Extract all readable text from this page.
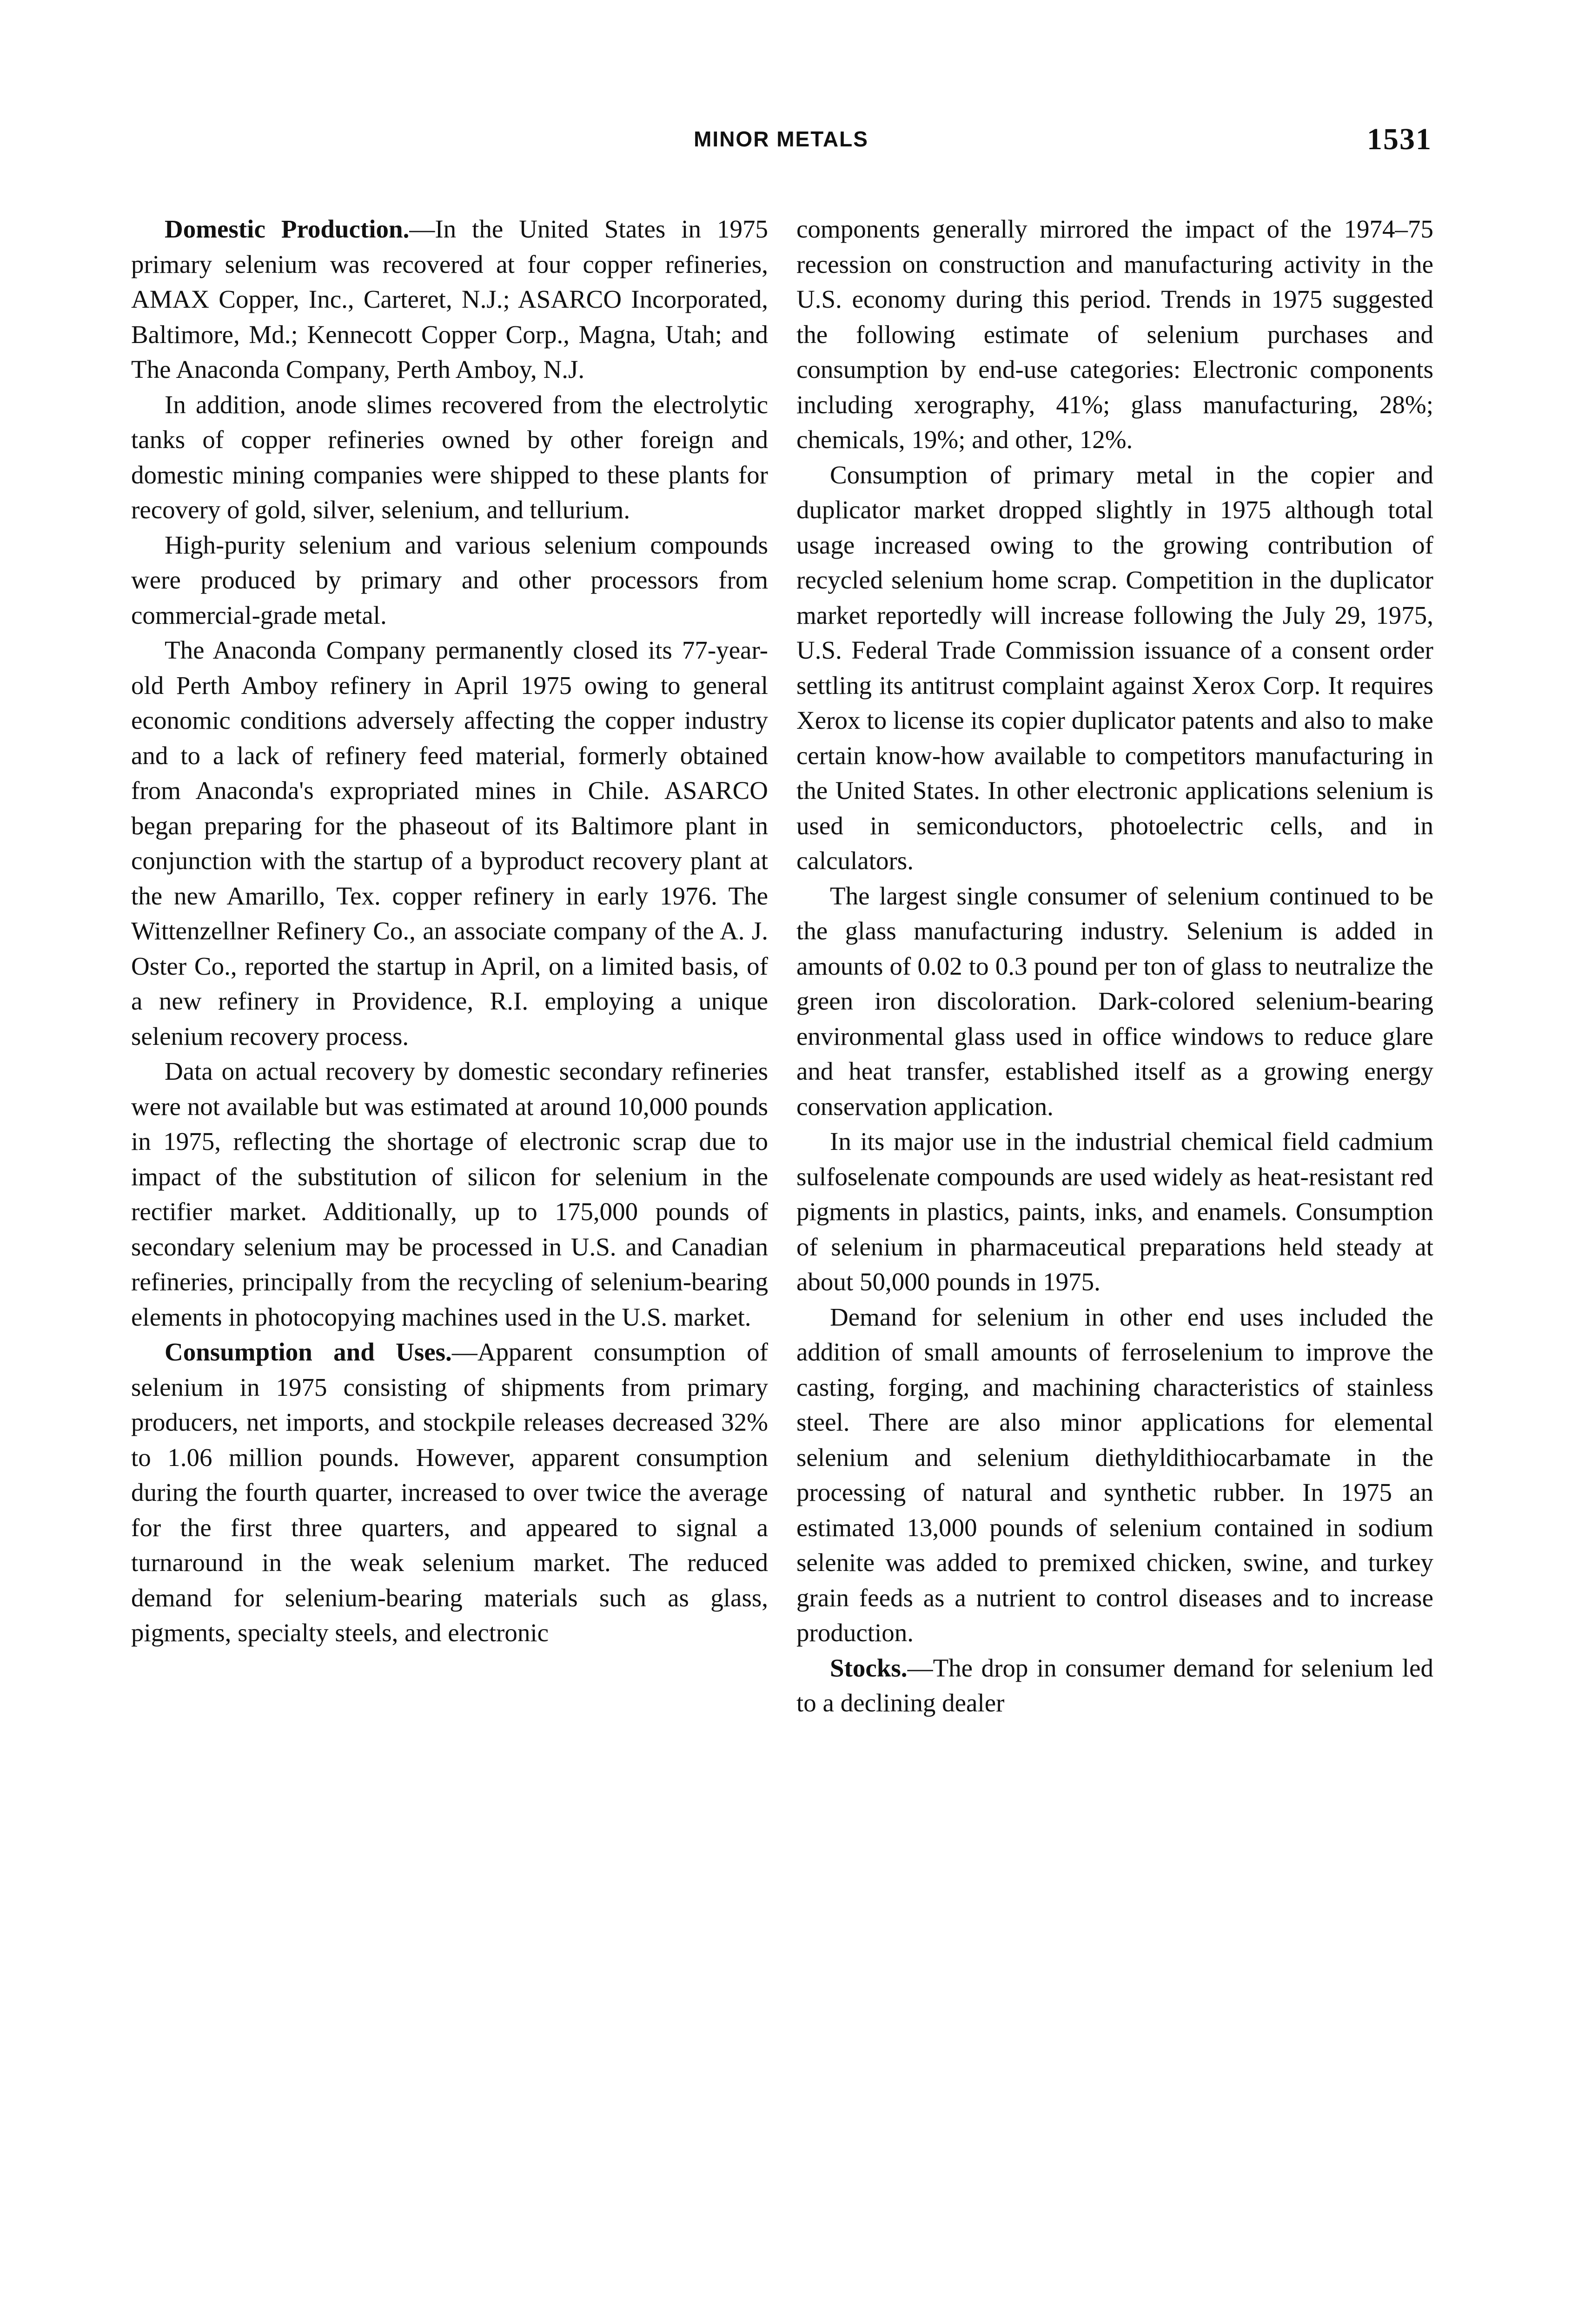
MINOR METALS	1531

Domestic Production.—In the United States in 1975 primary selenium was recovered at four copper refineries, AMAX Copper, Inc., Carteret, N.J.; ASARCO Incorporated, Baltimore, Md.; Kennecott Copper Corp., Magna, Utah; and The Anaconda Company, Perth Amboy, N.J.

In addition, anode slimes recovered from the electrolytic tanks of copper refineries owned by other foreign and domestic mining companies were shipped to these plants for recovery of gold, silver, selenium, and tellurium.

High-purity selenium and various selenium compounds were produced by primary and other processors from commercial-grade metal.

The Anaconda Company permanently closed its 77-year-old Perth Amboy refinery in April 1975 owing to general economic conditions adversely affecting the copper industry and to a lack of refinery feed material, formerly obtained from Anaconda's expropriated mines in Chile. ASARCO began preparing for the phaseout of its Baltimore plant in conjunction with the startup of a byproduct recovery plant at the new Amarillo, Tex. copper refinery in early 1976. The Wittenzellner Refinery Co., an associate company of the A. J. Oster Co., reported the startup in April, on a limited basis, of a new refinery in Providence, R.I. employing a unique selenium recovery process.

Data on actual recovery by domestic secondary refineries were not available but was estimated at around 10,000 pounds in 1975, reflecting the shortage of electronic scrap due to impact of the substitution of silicon for selenium in the rectifier market. Additionally, up to 175,000 pounds of secondary selenium may be processed in U.S. and Canadian refineries, principally from the recycling of selenium-bearing elements in photocopying machines used in the U.S. market.

Consumption and Uses.—Apparent consumption of selenium in 1975 consisting of shipments from primary producers, net imports, and stockpile releases decreased 32% to 1.06 million pounds. However, apparent consumption during the fourth quarter, increased to over twice the average for the first three quarters, and appeared to signal a turnaround in the weak selenium market. The reduced demand for selenium-bearing materials such as glass, pigments, specialty steels, and electronic

components generally mirrored the impact of the 1974–75 recession on construction and manufacturing activity in the U.S. economy during this period. Trends in 1975 suggested the following estimate of selenium purchases and consumption by end-use categories: Electronic components including xerography, 41%; glass manufacturing, 28%; chemicals, 19%; and other, 12%.

Consumption of primary metal in the copier and duplicator market dropped slightly in 1975 although total usage increased owing to the growing contribution of recycled selenium home scrap. Competition in the duplicator market reportedly will increase following the July 29, 1975, U.S. Federal Trade Commission issuance of a consent order settling its antitrust complaint against Xerox Corp. It requires Xerox to license its copier duplicator patents and also to make certain know-how available to competitors manufacturing in the United States. In other electronic applications selenium is used in semiconductors, photoelectric cells, and in calculators.

The largest single consumer of selenium continued to be the glass manufacturing industry. Selenium is added in amounts of 0.02 to 0.3 pound per ton of glass to neutralize the green iron discoloration. Dark-colored selenium-bearing environmental glass used in office windows to reduce glare and heat transfer, established itself as a growing energy conservation application.

In its major use in the industrial chemical field cadmium sulfoselenate compounds are used widely as heat-resistant red pigments in plastics, paints, inks, and enamels. Consumption of selenium in pharmaceutical preparations held steady at about 50,000 pounds in 1975.

Demand for selenium in other end uses included the addition of small amounts of ferroselenium to improve the casting, forging, and machining characteristics of stainless steel. There are also minor applications for elemental selenium and selenium diethyldithiocarbamate in the processing of natural and synthetic rubber. In 1975 an estimated 13,000 pounds of selenium contained in sodium selenite was added to premixed chicken, swine, and turkey grain feeds as a nutrient to control diseases and to increase production.

Stocks.—The drop in consumer demand for selenium led to a declining dealer
